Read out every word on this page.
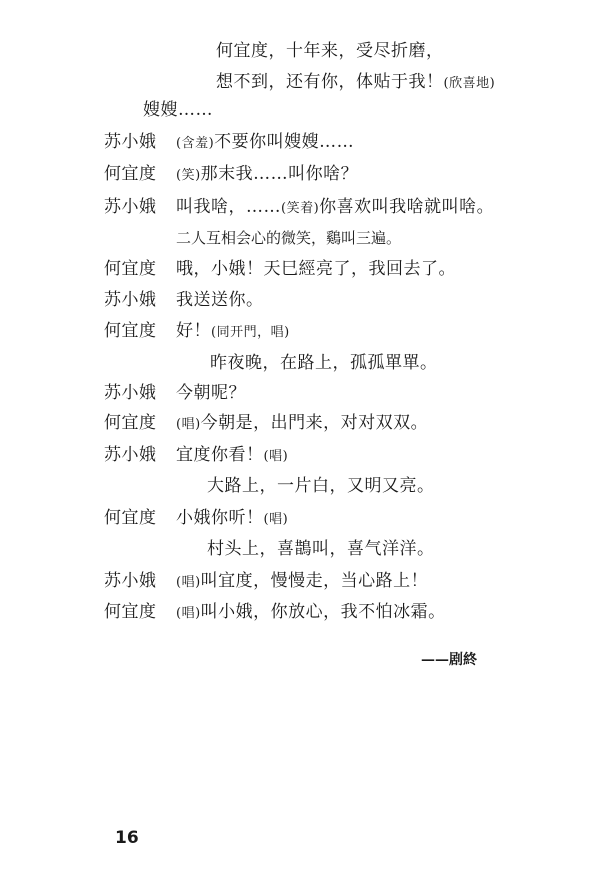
何宜度，十年来，受尽折磨，
想不到，还有你，体贴于我！(欣喜地)
嫂嫂……
苏小娥	(含羞)不要你叫嫂嫂……
何宜度	(笑)那末我……叫你啥？
苏小娥	叫我啥，……(笑着)你喜欢叫我啥就叫啥。
二人互相会心的微笑，鷄叫三遍。
何宜度	哦，小娥！天巳經亮了，我回去了。
苏小娥	我送送你。
何宜度	好！(同开門，唱)
昨夜晚，在路上，孤孤單單。
苏小娥	今朝呢？
何宜度	(唱)今朝是，出門来，对对双双。
苏小娥	宜度你看！(唱)
大路上，一片白，又明又亮。
何宜度	小娥你听！(唱)
村头上，喜鵲叫，喜气洋洋。
苏小娥	(唱)叫宜度，慢慢走，当心路上！
何宜度	(唱)叫小娥，你放心，我不怕冰霜。
——剧終
16
